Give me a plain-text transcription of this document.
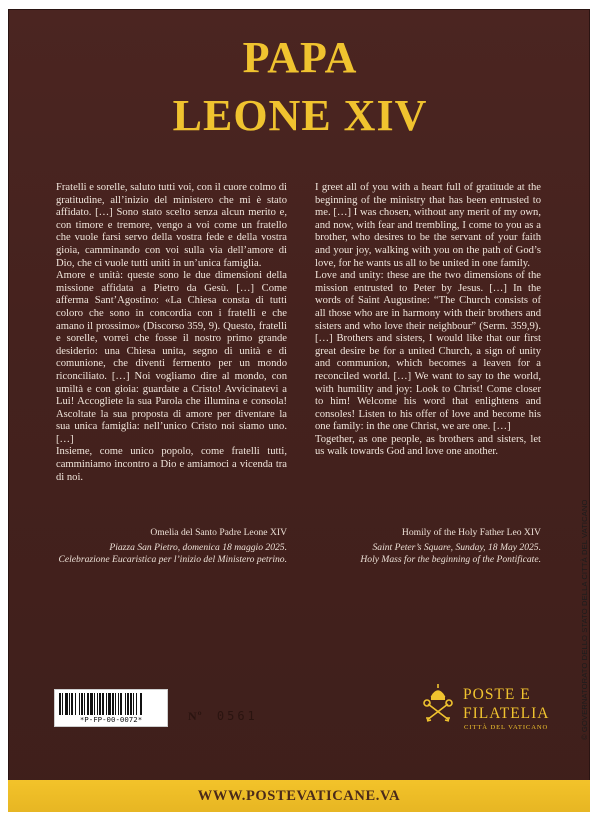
PAPA
LEONE XIV

Fratelli e sorelle, saluto tutti voi, con il cuore colmo di gratitudine, all’inizio del ministero che mi è stato affidato. […] Sono stato scelto senza alcun merito e, con timore e tremore, vengo a voi come un fratello che vuole farsi servo della vostra fede e della vostra gioia, camminando con voi sulla via dell’amore di Dio, che ci vuole tutti uniti in un’unica famiglia.

Amore e unità: queste sono le due dimensioni della missione affidata a Pietro da Gesù. […] Come afferma Sant’Agostino: «La Chiesa consta di tutti coloro che sono in concordia con i fratelli e che amano il prossimo» (Discorso 359, 9). Questo, fratelli e sorelle, vorrei che fosse il nostro primo grande desiderio: una Chiesa unita, segno di unità e di comunione, che diventi fermento per un mondo riconciliato. […] Noi vogliamo dire al mondo, con umiltà e con gioia: guardate a Cristo! Avvicinatevi a Lui! Accogliete la sua Parola che illumina e consola! Ascoltate la sua proposta di amore per diventare la sua unica famiglia: nell’unico Cristo noi siamo uno. […]

Insieme, come unico popolo, come fratelli tutti, camminiamo incontro a Dio e amiamoci a vicenda tra di noi.

I greet all of you with a heart full of gratitude at the beginning of the ministry that has been entrusted to me. […] I was chosen, without any merit of my own, and now, with fear and trembling, I come to you as a brother, who desires to be the servant of your faith and your joy, walking with you on the path of God’s love, for he wants us all to be united in one family.

Love and unity: these are the two dimensions of the mission entrusted to Peter by Jesus. […] In the words of Saint Augustine: “The Church consists of all those who are in harmony with their brothers and sisters and who love their neighbour” (Serm. 359,9). […] Brothers and sisters, I would like that our first great desire be for a united Church, a sign of unity and communion, which becomes a leaven for a reconciled world. […] We want to say to the world, with humility and joy: Look to Christ! Come closer to him! Welcome his word that enlightens and consoles! Listen to his offer of love and become his one family: in the one Christ, we are one. […]

Together, as one people, as brothers and sisters, let us walk towards God and love one another.

Omelia del Santo Padre Leone XIV
Piazza San Pietro, domenica 18 maggio 2025.
Celebrazione Eucaristica per l’inizio del Ministero petrino.
Homily of the Holy Father Leo XIV
Saint Peter’s Square, Sunday, 18 May 2025.
Holy Mass for the beginning of the Pontificate.
*P-FP-00-0072*	Nº 0561
POSTE E
FILATELIA
CITTÀ DEL VATICANO	© GOVERNATORATO DELLO STATO DELLA CITTÀ DEL VATICANO
WWW.POSTEVATICANE.VA
